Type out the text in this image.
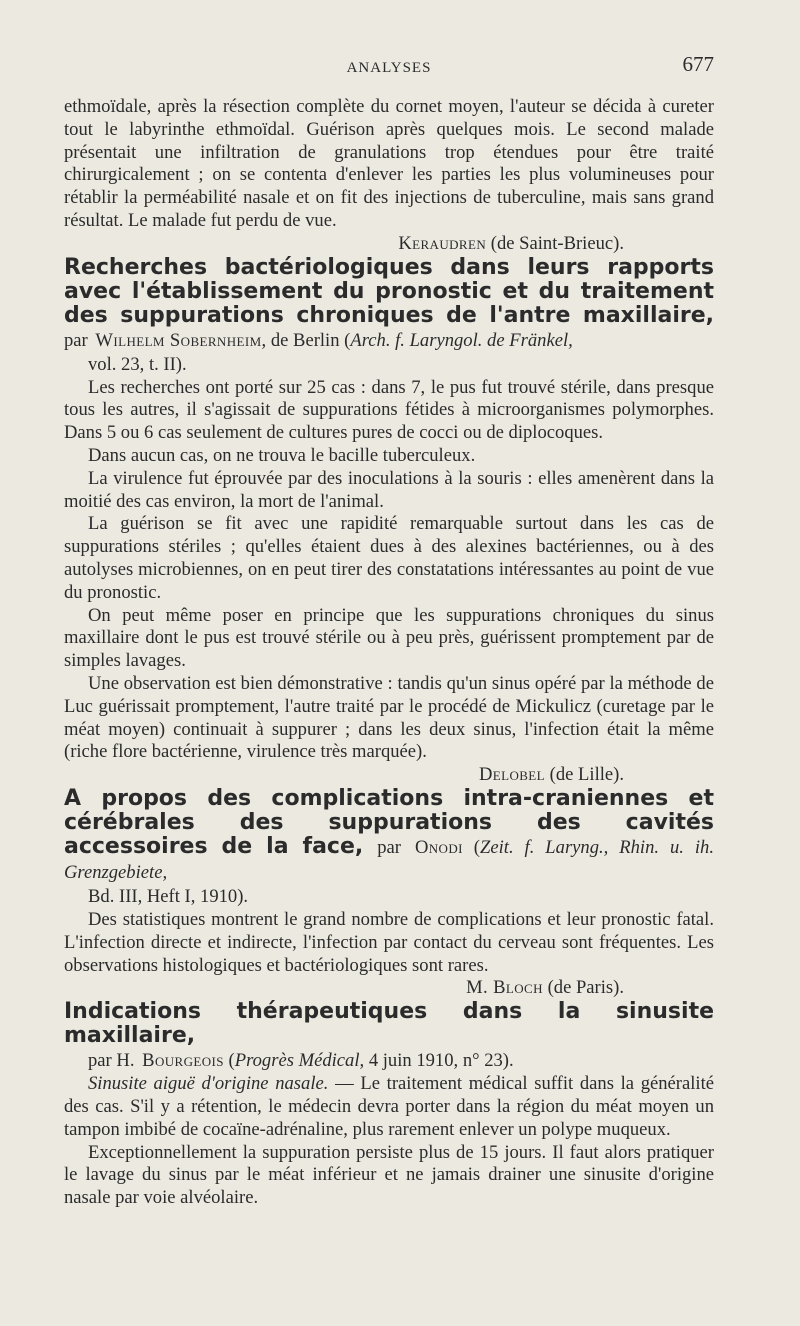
ANALYSES	677

ethmoïdale, après la résection complète du cornet moyen, l'auteur se décida à cureter tout le labyrinthe ethmoïdal. Guérison après quelques mois. Le second malade présentait une infiltration de granulations trop étendues pour être traité chirurgicalement ; on se contenta d'enlever les parties les plus volumineuses pour rétablir la perméabilité nasale et on fit des injections de tuberculine, mais sans grand résultat. Le malade fut perdu de vue.

Keraudren (de Saint-Brieuc).

Recherches bactériologiques dans leurs rapports avec l'établissement du pronostic et du traitement des suppurations chroniques de l'antre maxillaire, par Wilhelm Sobernheim, de Berlin (Arch. f. Laryngol. de Fränkel,
vol. 23, t. II).

Les recherches ont porté sur 25 cas : dans 7, le pus fut trouvé stérile, dans presque tous les autres, il s'agissait de suppurations fétides à microorganismes polymorphes. Dans 5 ou 6 cas seulement de cultures pures de cocci ou de diplocoques.

Dans aucun cas, on ne trouva le bacille tuberculeux.

La virulence fut éprouvée par des inoculations à la souris : elles amenèrent dans la moitié des cas environ, la mort de l'animal.

La guérison se fit avec une rapidité remarquable surtout dans les cas de suppurations stériles ; qu'elles étaient dues à des alexines bactériennes, ou à des autolyses microbiennes, on en peut tirer des constatations intéressantes au point de vue du pronostic.

On peut même poser en principe que les suppurations chroniques du sinus maxillaire dont le pus est trouvé stérile ou à peu près, guérissent promptement par de simples lavages.

Une observation est bien démonstrative : tandis qu'un sinus opéré par la méthode de Luc guérissait promptement, l'autre traité par le procédé de Mickulicz (curetage par le méat moyen) continuait à suppurer ; dans les deux sinus, l'infection était la même (riche flore bactérienne, virulence très marquée).

Delobel (de Lille).

A propos des complications intra-craniennes et cérébrales des suppurations des cavités accessoires de la face, par Onodi (Zeit. f. Laryng., Rhin. u. ih. Grenzgebiete,
Bd. III, Heft I, 1910).

Des statistiques montrent le grand nombre de complications et leur pronostic fatal. L'infection directe et indirecte, l'infection par contact du cerveau sont fréquentes. Les observations histologiques et bactériologiques sont rares.

M. Bloch (de Paris).

Indications thérapeutiques dans la sinusite maxillaire,
par H. Bourgeois (Progrès Médical, 4 juin 1910, n° 23).

Sinusite aiguë d'origine nasale. — Le traitement médical suffit dans la généralité des cas. S'il y a rétention, le médecin devra porter dans la région du méat moyen un tampon imbibé de cocaïne-adrénaline, plus rarement enlever un polype muqueux.

Exceptionnellement la suppuration persiste plus de 15 jours. Il faut alors pratiquer le lavage du sinus par le méat inférieur et ne jamais drainer une sinusite d'origine nasale par voie alvéolaire.
